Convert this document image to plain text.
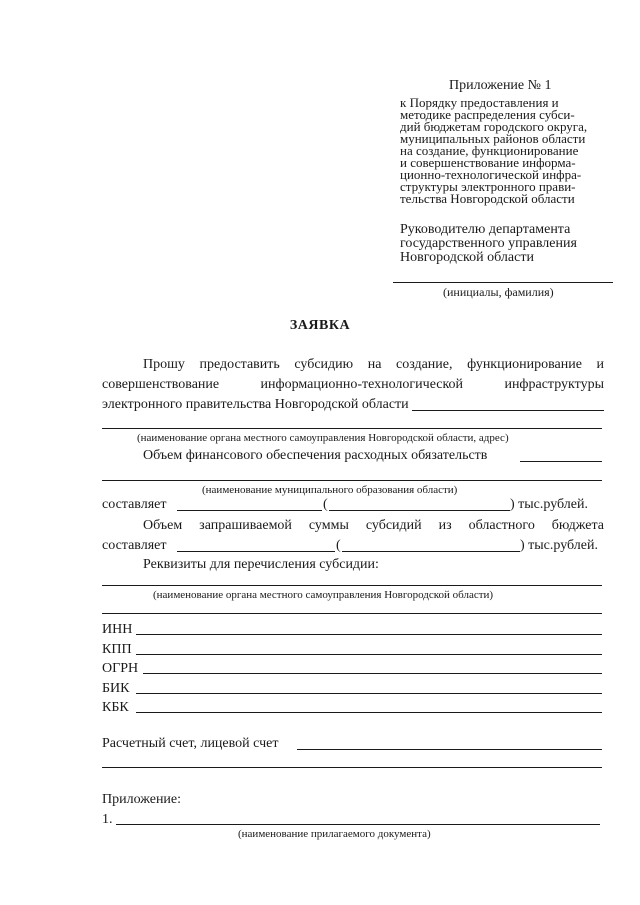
Приложение № 1
к Порядку предоставления и
методике распределения субси-
дий бюджетам городского округа,
муниципальных районов области
на создание, функционирование
и совершенствование информа-
ционно-технологической инфра-
структуры электронного прави-
тельства Новгородской области
Руководителю департамента
государственного управления
Новгородской области
(инициалы, фамилия)
ЗАЯВКА
Прошу предоставить субсидию на создание, функционирование и
совершенствование информационно-технологической инфраструктуры
электронного правительства Новгородской области
(наименование органа местного самоуправления Новгородской области, адрес)
Объем финансового обеспечения расходных обязательств
(наименование муниципального образования области)
составляет	(	) тыс.рублей.
Объем запрашиваемой суммы субсидий из областного бюджета
составляет	(	) тыс.рублей.
Реквизиты для перечисления субсидии:
(наименование органа местного самоуправления Новгородской области)
ИНН
КПП
ОГРН
БИК
КБК
Расчетный счет, лицевой счет
Приложение:
1.
(наименование прилагаемого документа)
